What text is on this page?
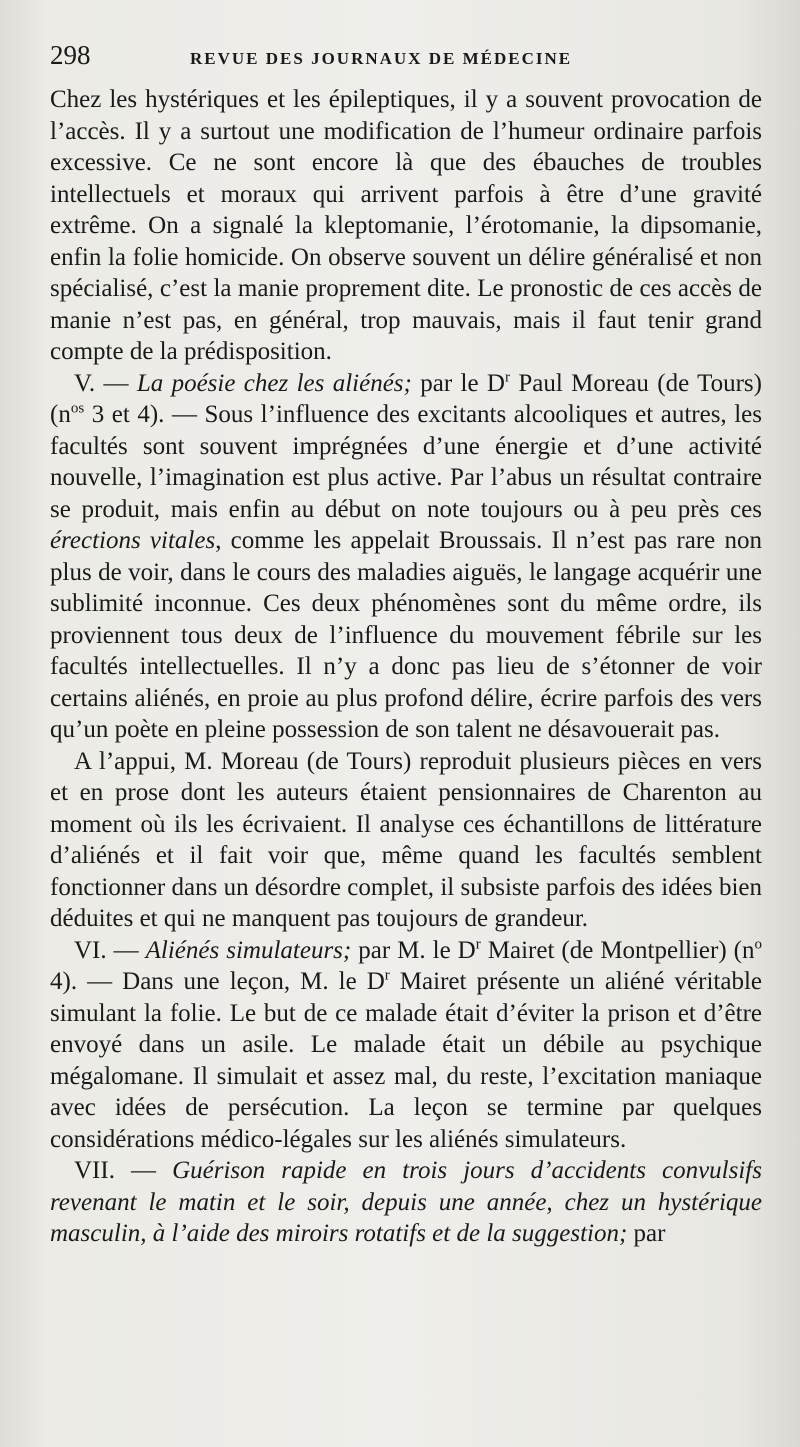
298	REVUE DES JOURNAUX DE MÉDECINE

Chez les hystériques et les épileptiques, il y a souvent provocation de l’accès. Il y a surtout une modification de l’humeur ordinaire parfois excessive. Ce ne sont encore là que des ébauches de troubles intellectuels et moraux qui arrivent parfois à être d’une gravité extrême. On a signalé la kleptomanie, l’érotomanie, la dipsomanie, enfin la folie homicide. On observe souvent un délire généralisé et non spécialisé, c’est la manie proprement dite. Le pronostic de ces accès de manie n’est pas, en général, trop mauvais, mais il faut tenir grand compte de la prédisposition.

V. — La poésie chez les aliénés; par le $D^r$ Paul Moreau (de Tours) ($n^{os}$ 3 et 4). — Sous l’influence des excitants alcooliques et autres, les facultés sont souvent imprégnées d’une énergie et d’une activité nouvelle, l’imagination est plus active. Par l’abus un résultat contraire se produit, mais enfin au début on note toujours ou à peu près ces érections vitales, comme les appelait Broussais. Il n’est pas rare non plus de voir, dans le cours des maladies aiguës, le langage acquérir une sublimité inconnue. Ces deux phénomènes sont du même ordre, ils proviennent tous deux de l’influence du mouvement fébrile sur les facultés intellectuelles. Il n’y a donc pas lieu de s’étonner de voir certains aliénés, en proie au plus profond délire, écrire parfois des vers qu’un poète en pleine possession de son talent ne désavouerait pas.

A l’appui, M. Moreau (de Tours) reproduit plusieurs pièces en vers et en prose dont les auteurs étaient pensionnaires de Charenton au moment où ils les écrivaient. Il analyse ces échantillons de littérature d’aliénés et il fait voir que, même quand les facultés semblent fonctionner dans un désordre complet, il subsiste parfois des idées bien déduites et qui ne manquent pas toujours de grandeur.

VI. — Aliénés simulateurs; par M. le $D^r$ Mairet (de Montpellier) ($n^o$ 4). — Dans une leçon, M. le $D^r$ Mairet présente un aliéné véritable simulant la folie. Le but de ce malade était d’éviter la prison et d’être envoyé dans un asile. Le malade était un débile au psychique mégalomane. Il simulait et assez mal, du reste, l’excitation maniaque avec idées de persécution. La leçon se termine par quelques considérations médico-légales sur les aliénés simulateurs.

VII. — Guérison rapide en trois jours d’accidents convulsifs revenant le matin et le soir, depuis une année, chez un hystérique masculin, à l’aide des miroirs rotatifs et de la suggestion; par
